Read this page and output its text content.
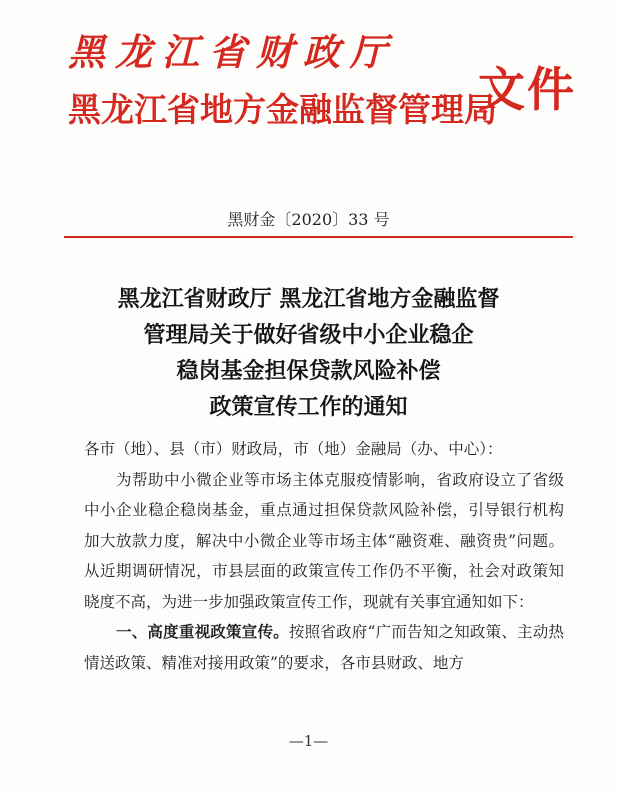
黑龙江省财政厅
黑龙江省地方金融监督管理局
文件
黑财金〔2020〕33 号
黑龙江省财政厅 黑龙江省地方金融监督
管理局关于做好省级中小企业稳企
稳岗基金担保贷款风险补偿
政策宣传工作的通知

各市（地）、县（市）财政局，市（地）金融局（办、中心）：

为帮助中小微企业等市场主体克服疫情影响，省政府设立了省级中小企业稳企稳岗基金，重点通过担保贷款风险补偿，引导银行机构加大放款力度，解决中小微企业等市场主体“融资难、融资贵”问题。从近期调研情况，市县层面的政策宣传工作仍不平衡，社会对政策知晓度不高，为进一步加强政策宣传工作，现就有关事宜通知如下：

一、高度重视政策宣传。按照省政府“广而告知之知政策、主动热情送政策、精准对接用政策”的要求，各市县财政、地方

—1—
